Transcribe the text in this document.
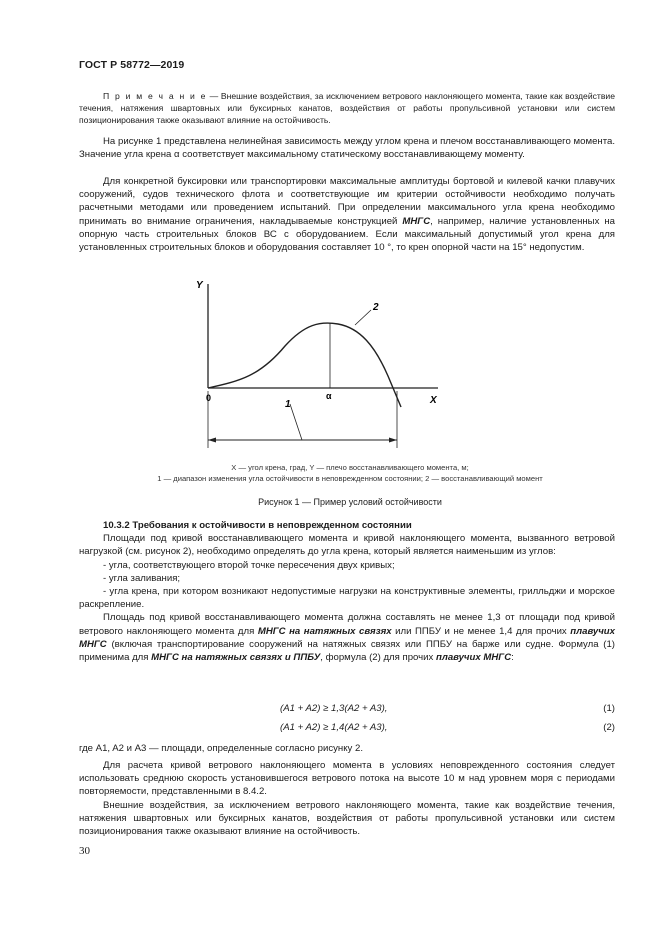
ГОСТ Р 58772—2019

П р и м е ч а н и е — Внешние воздействия, за исключением ветрового наклоняющего момента, такие как воздействие течения, натяжения швартовных или буксирных канатов, воздействия от работы пропульсивной установки или систем позиционирования также оказывают влияние на остойчивость.

На рисунке 1 представлена нелинейная зависимость между углом крена и плечом восстанавливающего момента. Значение угла крена α соответствует максимальному статическому восстанавливающему моменту.

Для конкретной буксировки или транспортировки максимальные амплитуды бортовой и килевой качки плавучих сооружений, судов технического флота и соответствующие им критерии остойчивости необходимо получать расчетными методами или проведением испытаний. При определении максимального угла крена необходимо принимать во внимание ограничения, накладываемые конструкцией МНГС, например, наличие установленных на опорную часть строительных блоков ВС с оборудованием. Если максимальный допустимый угол крена для установленных строительных блоков и оборудования составляет 10 °, то крен опорной части на 15° недопустим.

Y
X
0	α
2
1
X — угол крена, град, Y — плечо восстанавливающего момента, м;
1 — диапазон изменения угла остойчивости в неповрежденном состоянии; 2 — восстанавливающий момент
Рисунок 1 — Пример условий остойчивости

10.3.2 Требования к остойчивости в неповрежденном состоянии

Площади под кривой восстанавливающего момента и кривой наклоняющего момента, вызванного ветровой нагрузкой (см. рисунок 2), необходимо определять до угла крена, который является наименьшим из углов:

- угла, соответствующего второй точке пересечения двух кривых;

- угла заливания;

- угла крена, при котором возникают недопустимые нагрузки на конструктивные элементы, грилльджи и морское раскрепление.

Площадь под кривой восстанавливающего момента должна составлять не менее 1,3 от площади под кривой ветрового наклоняющего момента для МНГС на натяжных связях или ППБУ и не менее 1,4 для прочих плавучих МНГС (включая транспортирование сооружений на натяжных связях или ППБУ на барже или судне. Формула (1) применима для МНГС на натяжных связях и ППБУ, формула (2) для прочих плавучих МНГС:

(A1 + A2) ≥ 1,3(A2 + A3),	(1)
(A1 + A2) ≥ 1,4(A2 + A3),	(2)

где A1, A2 и A3 — площади, определенные согласно рисунку 2.

Для расчета кривой ветрового наклоняющего момента в условиях неповрежденного состояния следует использовать среднюю скорость установившегося ветрового потока на высоте 10 м над уровнем моря с периодами повторяемости, представленными в 8.4.2.

Внешние воздействия, за исключением ветрового наклоняющего момента, такие как воздействие течения, натяжения швартовных или буксирных канатов, воздействия от работы пропульсивной установки или систем позиционирования также оказывают влияние на остойчивость.

30
